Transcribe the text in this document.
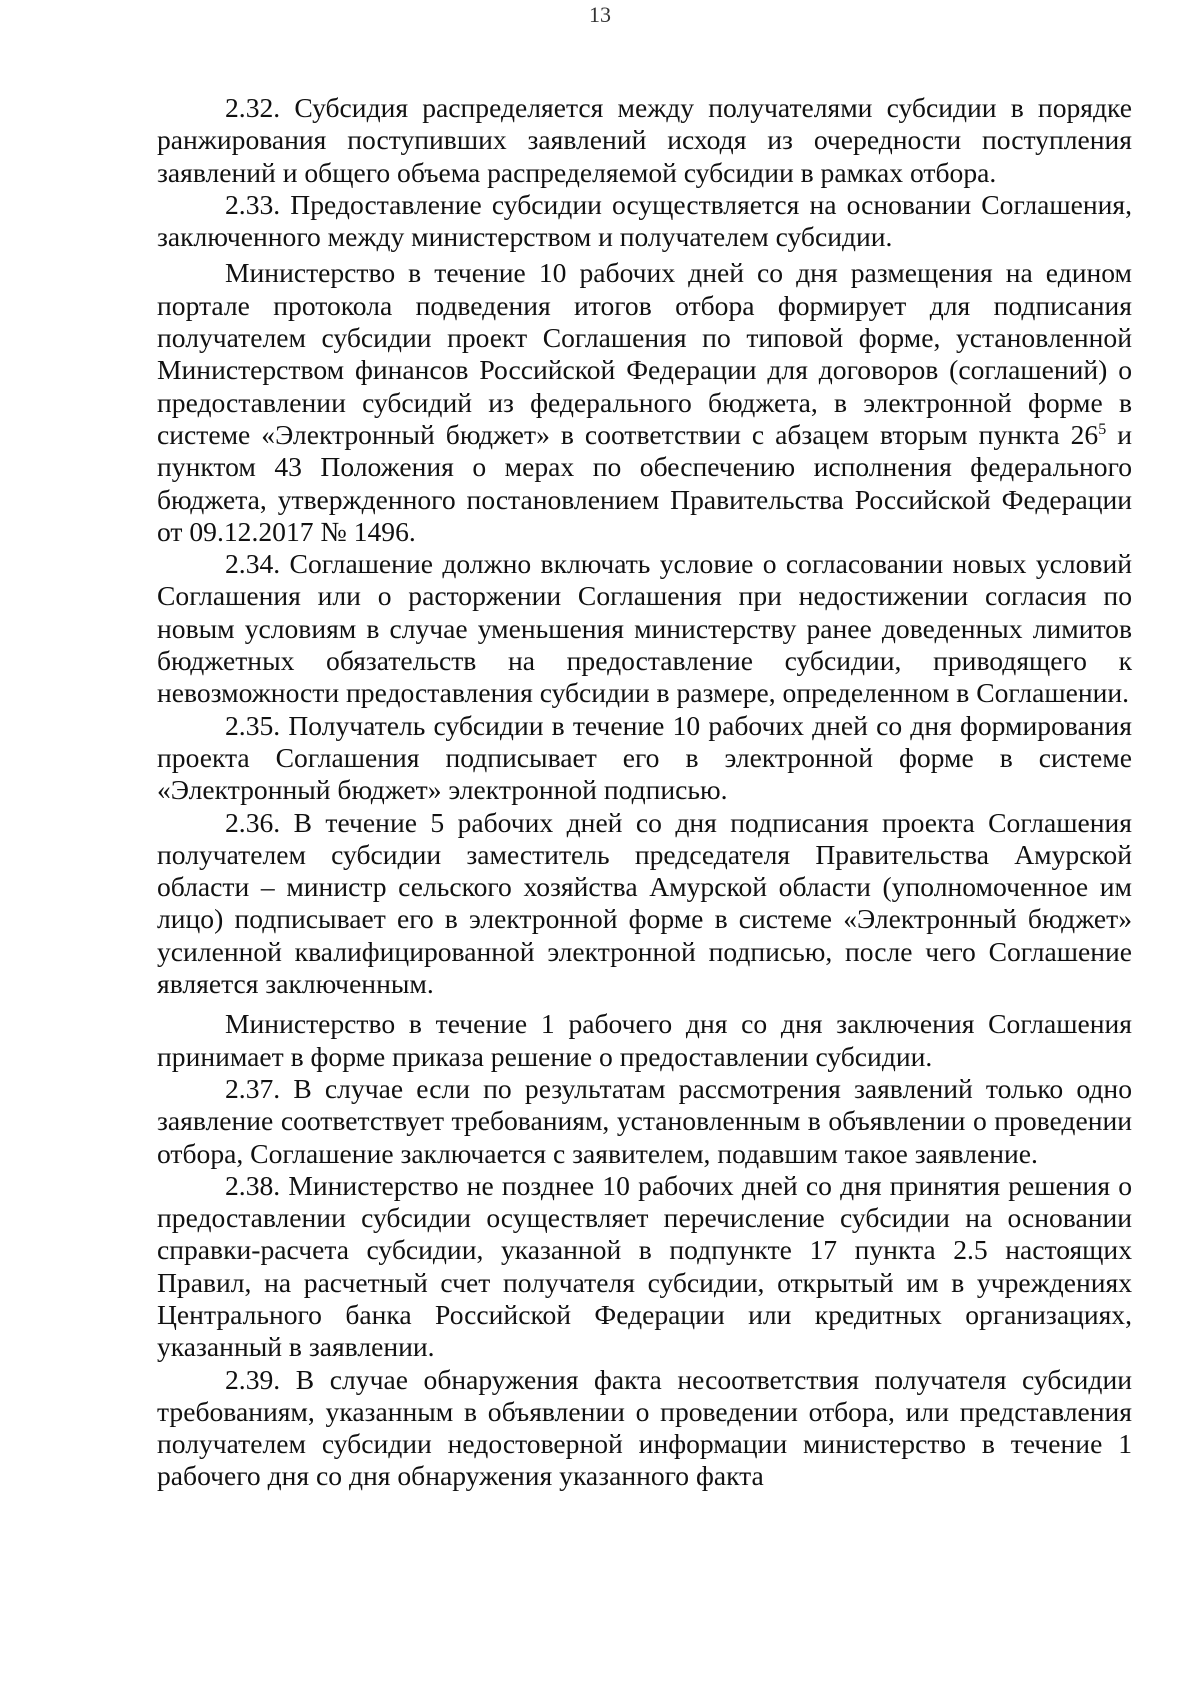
13

2.32. Субсидия распределяется между получателями субсидии в порядке ранжирования поступивших заявлений исходя из очередности поступления заявлений и общего объема распределяемой субсидии в рамках отбора.

2.33. Предоставление субсидии осуществляется на основании Соглашения, заключенного между министерством и получателем субсидии.

Министерство в течение 10 рабочих дней со дня размещения на едином портале протокола подведения итогов отбора формирует для подписания получателем субсидии проект Соглашения по типовой форме, установленной Министерством финансов Российской Федерации для договоров (соглашений) о предоставлении субсидий из федерального бюджета, в электронной форме в системе «Электронный бюджет» в соответствии с абзацем вторым пункта $26^5$ и пунктом 43 Положения о мерах по обеспечению исполнения федерального бюджета, утвержденного постановлением Правительства Российской Федерации от 09.12.2017 № 1496.

2.34. Соглашение должно включать условие о согласовании новых условий Соглашения или о расторжении Соглашения при недостижении согласия по новым условиям в случае уменьшения министерству ранее доведенных лимитов бюджетных обязательств на предоставление субсидии, приводящего к невозможности предоставления субсидии в размере, определенном в Соглашении.

2.35. Получатель субсидии в течение 10 рабочих дней со дня формирования проекта Соглашения подписывает его в электронной форме в системе «Электронный бюджет» электронной подписью.

2.36. В течение 5 рабочих дней со дня подписания проекта Соглашения получателем субсидии заместитель председателя Правительства Амурской области – министр сельского хозяйства Амурской области (уполномоченное им лицо) подписывает его в электронной форме в системе «Электронный бюджет» усиленной квалифицированной электронной подписью, после чего Соглашение является заключенным.

Министерство в течение 1 рабочего дня со дня заключения Соглашения принимает в форме приказа решение о предоставлении субсидии.

2.37. В случае если по результатам рассмотрения заявлений только одно заявление соответствует требованиям, установленным в объявлении о проведении отбора, Соглашение заключается с заявителем, подавшим такое заявление.

2.38. Министерство не позднее 10 рабочих дней со дня принятия решения о предоставлении субсидии осуществляет перечисление субсидии на основании справки-расчета субсидии, указанной в подпункте 17 пункта 2.5 настоящих Правил, на расчетный счет получателя субсидии, открытый им в учреждениях Центрального банка Российской Федерации или кредитных организациях, указанный в заявлении.

2.39. В случае обнаружения факта несоответствия получателя субсидии требованиям, указанным в объявлении о проведении отбора, или представления получателем субсидии недостоверной информации министерство в течение 1 рабочего дня со дня обнаружения указанного факта
